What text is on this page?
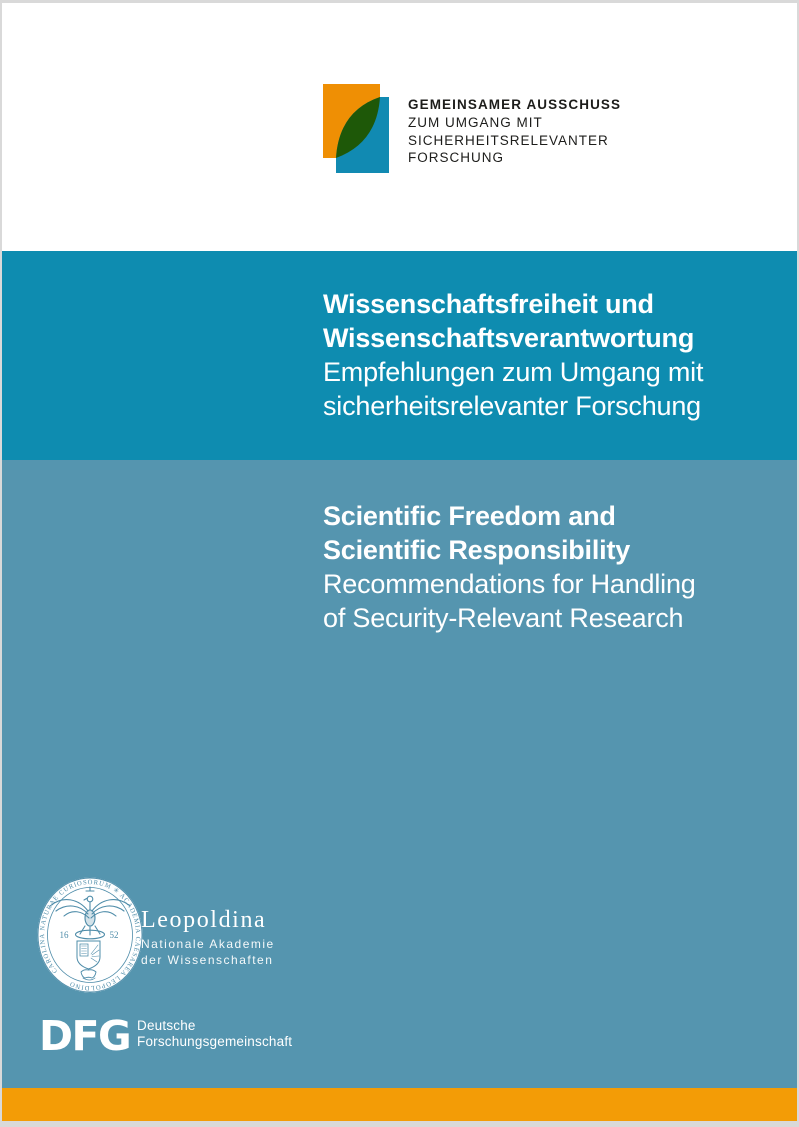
GEMEINSAMER AUSSCHUSS
ZUM UMGANG MIT
SICHERHEITSRELEVANTER
FORSCHUNG
Wissenschaftsfreiheit und
Wissenschaftsverantwortung
Empfehlungen zum Umgang mit
sicherheitsrelevanter Forschung
Scientific Freedom and
Scientific Responsibility
Recommendations for Handling
of Security-Relevant Research
CAROLINA NATURAE CURIOSORUM ✳ ACADEMIA CAESAREA LEOPOLDINO
16	52
Leopoldina
Nationale Akademie
der Wissenschaften
DFG Deutsche
Forschungsgemeinschaft
